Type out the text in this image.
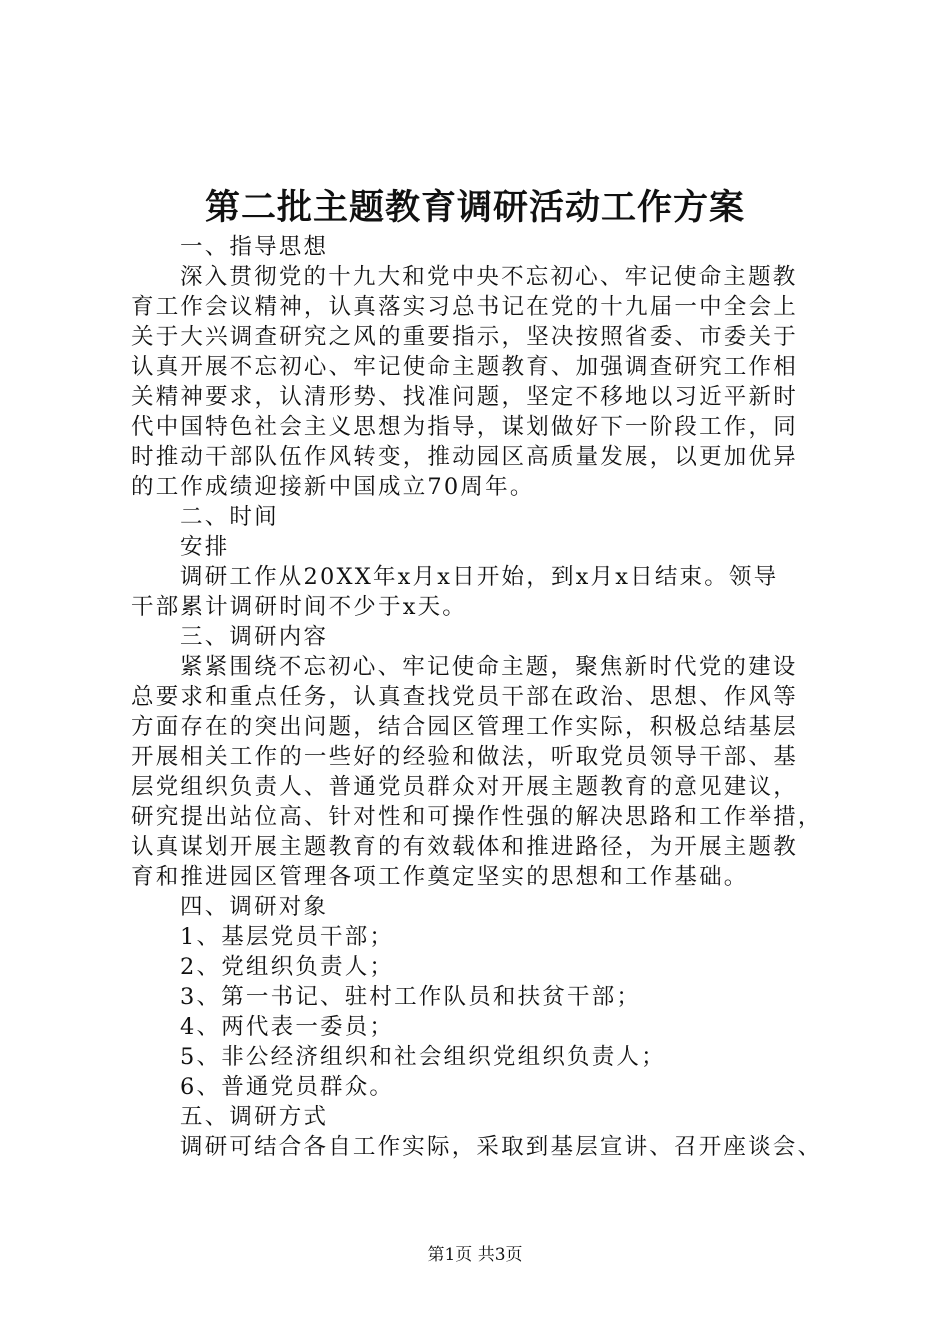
第二批主题教育调研活动工作方案
一、指导思想
深入贯彻党的十九大和党中央不忘初心、牢记使命主题教
育工作会议精神，认真落实习总书记在党的十九届一中全会上
关于大兴调查研究之风的重要指示，坚决按照省委、市委关于
认真开展不忘初心、牢记使命主题教育、加强调查研究工作相
关精神要求，认清形势、找准问题，坚定不移地以习近平新时
代中国特色社会主义思想为指导，谋划做好下一阶段工作，同
时推动干部队伍作风转变，推动园区高质量发展，以更加优异
的工作成绩迎接新中国成立70周年。
二、时间
安排
调研工作从20XX年x月x日开始，到x月x日结束。领导
干部累计调研时间不少于x天。
三、调研内容
紧紧围绕不忘初心、牢记使命主题，聚焦新时代党的建设
总要求和重点任务，认真查找党员干部在政治、思想、作风等
方面存在的突出问题，结合园区管理工作实际，积极总结基层
开展相关工作的一些好的经验和做法，听取党员领导干部、基
层党组织负责人、普通党员群众对开展主题教育的意见建议，
研究提出站位高、针对性和可操作性强的解决思路和工作举措，
认真谋划开展主题教育的有效载体和推进路径，为开展主题教
育和推进园区管理各项工作奠定坚实的思想和工作基础。
四、调研对象
1、基层党员干部；
2、党组织负责人；
3、第一书记、驻村工作队员和扶贫干部；
4、两代表一委员；
5、非公经济组织和社会组织党组织负责人；
6、普通党员群众。
五、调研方式
调研可结合各自工作实际，采取到基层宣讲、召开座谈会、
第1页 共3页
